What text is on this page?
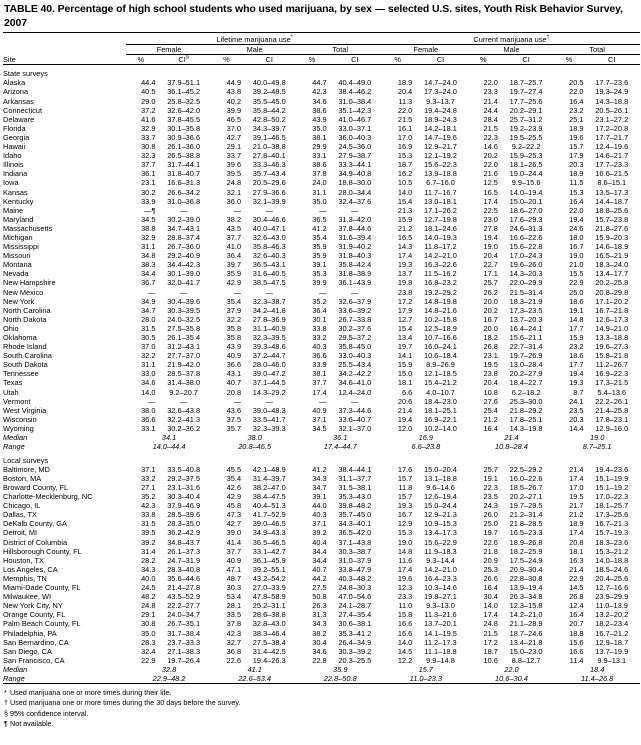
TABLE 40. Percentage of high school students who used marijuana, by sex — selected U.S. sites, Youth Risk Behavior Survey, 2007

	Lifetime marijuana use*						Current marijuana use†
	Female		Male		Total		Female		Male		Total	
Site	%	CI§	%	CI	%	CI	%	CI	%	CI	%	CI

State surveys												
Alaska	44.4	37.9–51.1	44.9	40.0–49.8	44.7	40.4–49.0	18.9	14.7–24.0	22.0	18.7–25.7	20.5	17.7–23.6
Arizona	40.5	36.1–45.2	43.8	39.2–48.5	42.3	38.4–46.2	20.4	17.3–24.0	23.3	19.7–27.4	22.0	19.3–24.9
Arkansas	29.0	25.8–32.5	40.2	35.5–45.0	34.6	31.0–38.4	11.3	9.3–13.7	21.4	17.7–25.6	16.4	14.3–18.8
Connecticut	37.2	32.6–42.0	39.9	35.8–44.2	38.6	35.1–42.3	22.0	19.4–24.8	24.4	20.2–29.1	23.2	20.5–26.1
Delaware	41.6	37.8–45.5	46.5	42.8–50.2	43.9	41.0–46.7	21.5	18.9–24.3	28.4	25.7–31.2	25.1	23.1–27.2
Florida	32.9	30.1–35.8	37.0	34.3–39.7	35.0	33.0–37.1	16.1	14.2–18.1	21.5	19.2–23.9	18.9	17.2–20.8
Georgia	33.7	30.9–36.6	42.7	39.1–46.5	38.1	36.0–40.3	17.0	14.7–19.6	22.3	19.5–25.5	19.6	17.7–21.7
Hawaii	30.8	26.1–36.0	29.1	21.0–38.8	29.9	24.5–36.0	16.9	12.9–21.7	14.6	9.2–22.2	15.7	12.4–19.6
Idaho	32.3	26.5–38.8	33.7	27.8–40.1	33.1	27.9–38.7	15.3	12.1–19.2	20.2	15.9–25.3	17.9	14.6–21.7
Illinois	37.7	31.7–44.1	39.6	33.3–46.3	38.6	33.3–44.1	18.7	15.6–22.3	22.0	18.1–26.5	20.3	17.7–23.3
Indiana	36.1	31.8–40.7	39.5	35.7–43.4	37.8	34.9–40.8	16.2	13.9–18.8	21.6	19.0–24.4	18.9	16.6–21.5
Iowa	23.1	16.6–31.3	24.8	20.5–29.6	24.0	18.8–30.0	10.5	6.7–16.0	12.5	9.9–15.6	11.5	8.6–15.1
Kansas	30.2	26.6–34.2	32.1	27.9–36.6	31.1	28.0–34.4	14.0	11.7–16.7	16.5	14.0–19.4	15.3	13.5–17.3
Kentucky	33.9	31.0–36.8	36.0	32.1–39.9	35.0	32.4–37.6	15.4	13.0–18.1	17.4	15.0–20.1	16.4	14.4–18.7
Maine	—¶	—	—	—	—	—	21.3	17.1–26.2	22.5	18.6–27.0	22.0	18.8–25.6
Maryland	34.5	30.2–39.0	38.2	30.4–46.6	36.5	31.3–42.0	15.9	12.7–19.8	23.0	17.6–29.3	19.4	15.7–23.8
Massachusetts	38.8	34.7–43.1	43.5	40.0–47.1	41.2	37.8–44.6	21.2	18.1–24.6	27.8	24.6–31.3	24.6	21.8–27.6
Michigan	32.9	28.8–37.4	37.7	32.6–43.0	35.4	31.6–39.4	16.5	14.0–19.3	19.4	16.6–22.6	18.0	15.9–20.3
Mississippi	31.1	26.7–36.0	41.0	35.8–46.3	35.9	31.9–40.2	14.3	11.8–17.2	19.0	15.6–22.8	16.7	14.6–18.9
Missouri	34.8	29.2–40.9	36.4	32.6–40.3	35.9	31.8–40.3	17.4	14.2–21.0	20.4	17.0–24.3	19.0	16.5–21.9
Montana	38.3	34.4–42.3	39.7	36.5–43.1	39.1	35.8–42.4	19.3	16.3–22.6	22.7	19.6–26.0	21.0	18.3–24.0
Nevada	34.4	30.1–39.0	35.9	31.6–40.5	35.3	31.8–38.9	13.7	11.5–16.2	17.1	14.3–20.3	15.5	13.4–17.7
New Hampshire	36.7	32.0–41.7	42.9	38.5–47.5	39.9	36.1–43.9	19.8	16.8–23.2	25.7	22.0–29.9	22.9	20.2–25.8
New Mexico	—	—	—	—	—	—	23.8	19.2–29.2	26.2	21.5–31.4	25.0	20.8–29.8
New York	34.9	30.4–39.6	35.4	32.3–38.7	35.2	32.6–37.9	17.2	14.8–19.8	20.0	18.3–21.9	18.6	17.1–20.2
North Carolina	34.7	30.3–39.5	37.9	34.2–41.8	36.4	33.6–39.2	17.9	14.8–21.6	20.2	17.3–23.5	19.1	16.7–21.8
North Dakota	28.0	24.0–32.5	32.2	27.8–36.9	30.1	26.7–33.8	12.7	10.2–15.8	16.7	13.7–20.3	14.8	12.6–17.3
Ohio	31.5	27.5–35.8	35.8	31.1–40.9	33.8	30.2–37.6	15.4	12.5–18.9	20.0	16.4–24.1	17.7	14.9–21.0
Oklahoma	30.5	26.1–35.4	35.8	32.3–39.5	33.2	29.5–37.2	13.4	10.7–16.6	18.2	15.6–21.1	15.9	13.3–18.8
Rhode Island	37.0	31.2–43.1	43.9	39.3–48.6	40.3	35.8–45.0	19.7	16.0–24.1	26.8	22.7–31.4	23.2	19.6–27.3
South Carolina	32.2	27.7–37.0	40.9	37.2–44.7	36.6	33.0–40.3	14.1	10.6–18.4	23.1	19.7–26.9	18.6	15.8–21.8
South Dakota	31.1	21.9–42.0	36.6	28.0–46.0	33.9	25.5–43.4	15.9	8.9–26.9	19.5	13.0–28.4	17.7	11.2–26.7
Tennessee	33.0	28.5–37.8	43.1	39.0–47.2	38.1	34.2–42.2	15.0	12.1–18.5	23.8	20.2–27.9	19.4	16.9–22.3
Texas	34.6	31.4–38.0	40.7	37.1–44.5	37.7	34.6–41.0	18.1	15.4–21.2	20.4	18.4–22.7	19.3	17.3–21.5
Utah	14.0	9.2–20.7	20.8	14.3–29.2	17.4	12.4–24.0	6.6	4.0–10.7	10.8	6.2–18.2	8.7	5.4–13.6
Vermont	—	—	—	—	—	—	20.6	18.4–23.0	27.6	25.3–30.0	24.1	22.2–26.1
West Virginia	38.0	32.6–43.8	43.6	39.0–48.3	40.9	37.3–44.6	21.4	18.1–25.1	25.4	21.8–29.2	23.5	21.4–25.8
Wisconsin	36.6	32.2–41.3	37.5	33.5–41.7	37.1	33.6–40.7	19.4	16.9–22.1	21.2	17.8–25.1	20.3	17.8–23.1
Wyoming	33.1	30.2–36.2	35.7	32.3–39.3	34.5	32.1–37.0	12.0	10.2–14.0	16.4	14.3–19.8	14.4	12.9–16.0
Median	34.1		38.0		36.1		16.9		21.4		19.0	
Range	14.0–44.4		20.8–46.5		17.4–44.7		6.6–23.8		10.8–28.4		8.7–25.1	

Local surveys												
Baltimore, MD	37.1	33.5–40.8	45.5	42.1–48.9	41.2	38.4–44.1	17.6	15.0–20.4	25.7	22.5–29.2	21.4	19.4–23.6
Boston, MA	33.2	29.2–37.5	35.4	31.4–39.7	34.3	31.1–37.7	15.7	13.1–18.8	19.1	16.0–22.6	17.4	15.1–19.9
Broward County, FL	27.1	23.1–31.6	42.6	38.2–47.0	34.7	31.5–38.1	11.8	9.6–14.6	22.3	18.5–26.7	17.0	15.1–19.2
Charlotte-Mecklenburg, NC	35.2	30.3–40.4	42.9	38.4–47.5	39.1	35.3–43.0	15.7	12.6–19.4	23.5	20.2–27.1	19.5	17.0–22.3
Chicago, IL	42.3	37.9–46.9	45.8	40.4–51.3	44.0	39.8–48.2	19.3	15.0–24.4	24.3	19.7–29.5	21.7	18.1–25.7
Dallas, TX	33.8	28.5–39.6	47.3	41.7–52.9	40.3	35.7–45.0	16.7	12.9–21.3	26.0	21.2–31.4	21.2	17.3–25.6
DeKalb County, GA	31.5	28.3–35.0	42.7	39.0–46.5	37.1	34.3–40.1	12.9	10.9–15.3	25.0	21.8–28.5	18.9	16.7–21.3
Detroit, MI	39.5	36.2–42.9	39.0	34.9–43.3	39.2	36.5–42.0	15.3	13.4–17.3	19.7	16.5–23.3	17.4	15.7–19.3
District of Columbia	39.2	34.8–43.7	41.4	36.5–46.5	40.4	37.1–43.8	19.0	15.6–22.9	22.6	18.9–26.8	20.8	18.3–23.6
Hillsborough County, FL	31.4	26.1–37.3	37.7	33.1–42.7	34.4	30.3–38.7	14.8	11.9–18.3	21.8	18.2–25.9	18.1	15.3–21.2
Houston, TX	28.2	24.7–31.9	40.9	36.1–45.9	34.4	31.0–37.9	11.6	9.3–14.4	20.9	17.5–24.9	16.3	14.0–18.8
Los Angeles, CA	34.3	28.3–40.8	47.1	39.2–55.1	40.7	33.8–47.9	17.4	14.2–21.0	25.3	20.9–30.4	21.4	18.5–24.6
Memphis, TN	40.0	35.6–44.6	48.7	43.2–54.2	44.2	40.3–48.2	19.6	16.4–23.3	26.6	22.8–30.8	22.9	20.4–25.6
Miami-Dade County, FL	24.5	21.4–27.8	30.3	27.0–33.9	27.5	24.8–30.3	12.3	10.3–14.6	16.4	13.9–19.4	14.5	12.7–16.6
Milwaukee, WI	48.2	43.5–52.9	53.4	47.8–58.9	50.8	47.0–54.6	23.3	19.8–27.1	30.4	26.3–34.8	26.8	23.9–29.9
New York City, NY	24.8	22.2–27.7	28.1	25.2–31.1	26.3	24.1–28.7	11.0	9.3–13.0	14.0	12.3–15.8	12.4	11.0–13.9
Orange County, FL	29.1	24.0–34.7	33.5	28.6–38.8	31.3	27.4–35.4	15.8	11.3–21.6	17.4	14.2–21.0	16.4	13.2–20.2
Palm Beach County, FL	30.8	26.7–35.1	37.8	32.8–43.0	34.3	30.6–38.1	16.6	13.7–20.1	24.8	21.1–28.9	20.7	18.2–23.4
Philadelphia, PA	35.0	31.7–38.4	42.3	38.3–46.4	38.2	35.3–41.2	16.6	14.1–19.5	21.5	18.7–24.6	18.8	16.7–21.2
San Bernardino, CA	28.3	23.7–33.3	32.7	27.5–38.4	30.4	26.4–34.9	14.0	11.2–17.3	17.2	13.4–21.8	15.6	12.9–18.7
San Diego, CA	32.4	27.1–38.3	36.8	31.4–42.5	34.6	30.3–39.2	14.5	11.1–18.8	18.7	15.0–23.0	16.6	13.7–19.9
San Francisco, CA	22.9	19.7–26.4	22.6	19.4–26.3	22.8	20.3–25.5	12.2	9.9–14.8	10.6	8.8–12.7	11.4	9.9–13.1
Median	32.8		41.1		35.9		15.7		22.0		18.4	
Range	22.9–48.2		22.6–53.4		22.8–50.8		11.0–23.3		10.6–30.4		11.4–26.8	

* Used marijuana one or more times during their life.
† Used marijuana one or more times during the 30 days before the survey.
§ 95% confidence interval.
¶ Not available.
